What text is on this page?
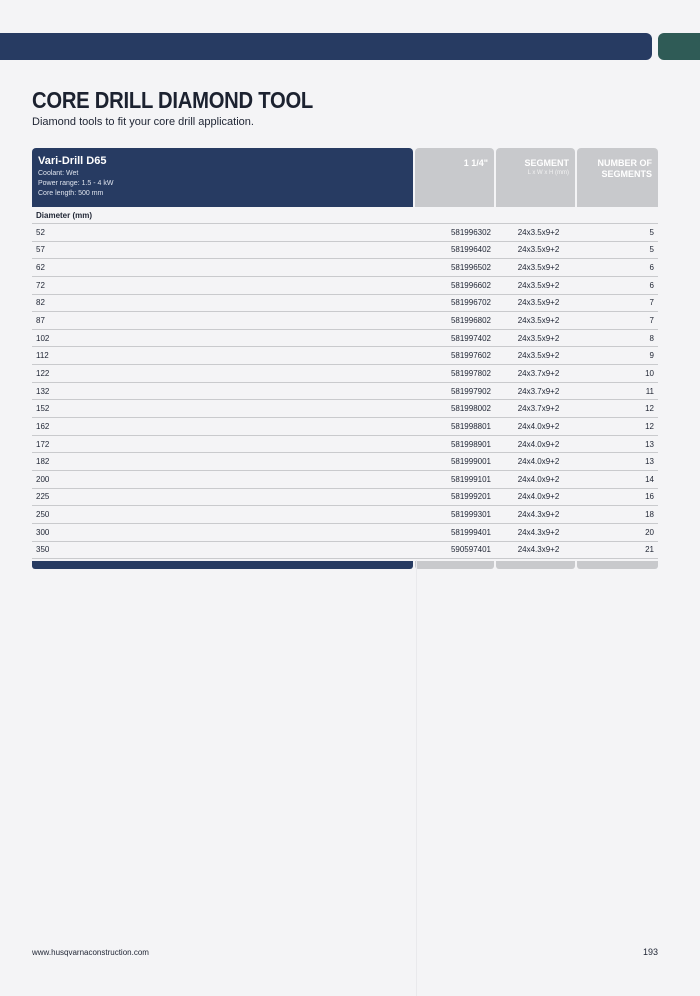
CORE DRILL DIAMOND TOOL

Diamond tools to fit your core drill application.

Vari-Drill D65
Coolant: Wet
Power range: 1.5 - 4 kW
Core length: 500 mm
1 1/4"	SEGMENT
L x W x H (mm)
NUMBER OF
SEGMENTS
Diameter (mm)
52	581996302	24x3.5x9+2	5
57	581996402	24x3.5x9+2	5
62	581996502	24x3.5x9+2	6
72	581996602	24x3.5x9+2	6
82	581996702	24x3.5x9+2	7
87	581996802	24x3.5x9+2	7
102	581997402	24x3.5x9+2	8
112	581997602	24x3.5x9+2	9
122	581997802	24x3.7x9+2	10
132	581997902	24x3.7x9+2	11
152	581998002	24x3.7x9+2	12
162	581998801	24x4.0x9+2	12
172	581998901	24x4.0x9+2	13
182	581999001	24x4.0x9+2	13
200	581999101	24x4.0x9+2	14
225	581999201	24x4.0x9+2	16
250	581999301	24x4.3x9+2	18
300	581999401	24x4.3x9+2	20
350	590597401	24x4.3x9+2	21
www.husqvarnaconstruction.com	193
